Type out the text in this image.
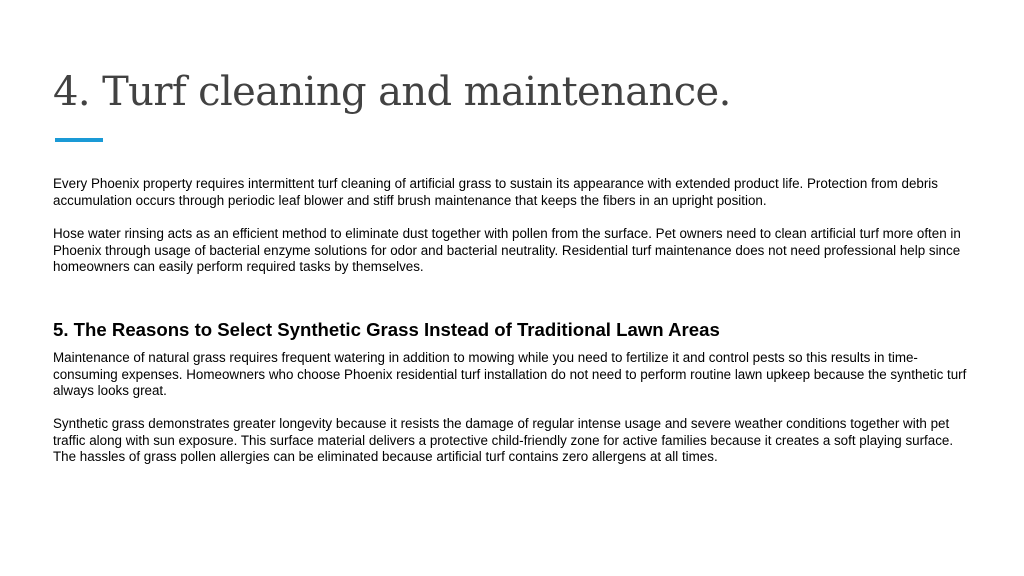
4. Turf cleaning and maintenance.

Every Phoenix property requires intermittent turf cleaning of artificial grass to sustain its appearance with extended product life. Protection from debris accumulation occurs through periodic leaf blower and stiff brush maintenance that keeps the fibers in an upright position.

Hose water rinsing acts as an efficient method to eliminate dust together with pollen from the surface. Pet owners need to clean artificial turf more often in Phoenix through usage of bacterial enzyme solutions for odor and bacterial neutrality. Residential turf maintenance does not need professional help since homeowners can easily perform required tasks by themselves.

5. The Reasons to Select Synthetic Grass Instead of Traditional Lawn Areas

Maintenance of natural grass requires frequent watering in addition to mowing while you need to fertilize it and control pests so this results in time-consuming expenses. Homeowners who choose Phoenix residential turf installation do not need to perform routine lawn upkeep because the synthetic turf always looks great.

Synthetic grass demonstrates greater longevity because it resists the damage of regular intense usage and severe weather conditions together with pet traffic along with sun exposure. This surface material delivers a protective child-friendly zone for active families because it creates a soft playing surface. The hassles of grass pollen allergies can be eliminated because artificial turf contains zero allergens at all times.
